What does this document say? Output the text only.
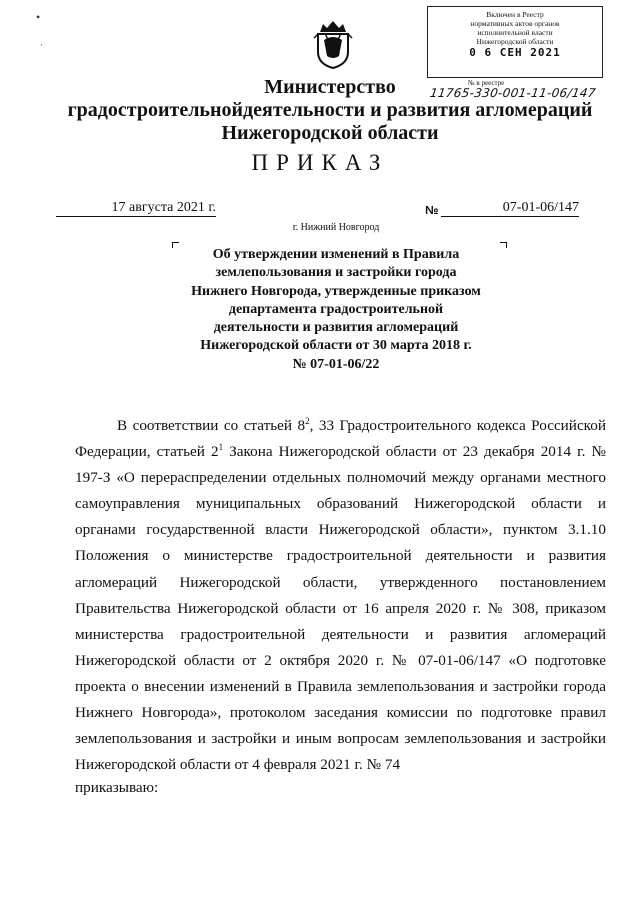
•
·
Включен в Реестр
нормативных актов органов
исполнительной власти
Нижегородской области
0 6 СЕН 2021
№ в реестре
11765-330-001-11-06/147
Министерство
градостроительнойдеятельности и развития агломераций
Нижегородской области
ПРИКАЗ
17 августа 2021 г.	№	07-01-06/147
г. Нижний Новгород
Об утверждении изменений в Правила
землепользования и застройки города
Нижнего Новгорода, утвержденные приказом
департамента градостроительной
деятельности и развития агломераций
Нижегородской области от 30 марта 2018 г.
№ 07-01-06/22

В соответствии со статьей $8^2$, 33 Градостроительного кодекса Российской Федерации, статьей $2^1$ Закона Нижегородской области от 23 декабря 2014 г. № 197-З «О перераспределении отдельных полномочий между органами местного самоуправления муниципальных образований Нижегородской области и органами государственной власти Нижегородской области», пунктом 3.1.10 Положения о министерстве градостроительной деятельности и развития агломераций Нижегородской области, утвержденного постановлением Правительства Нижегородской области от 16 апреля 2020 г. № 308, приказом министерства градостроительной деятельности и развития агломераций Нижегородской области от 2 октября 2020 г. № 07-01-06/147 «О подготовке проекта о внесении изменений в Правила землепользования и застройки города Нижнего Новгорода», протоколом заседания комиссии по подготовке правил землепользования и застройки и иным вопросам землепользования и застройки Нижегородской области от 4 февраля 2021 г. № 74

приказываю:
